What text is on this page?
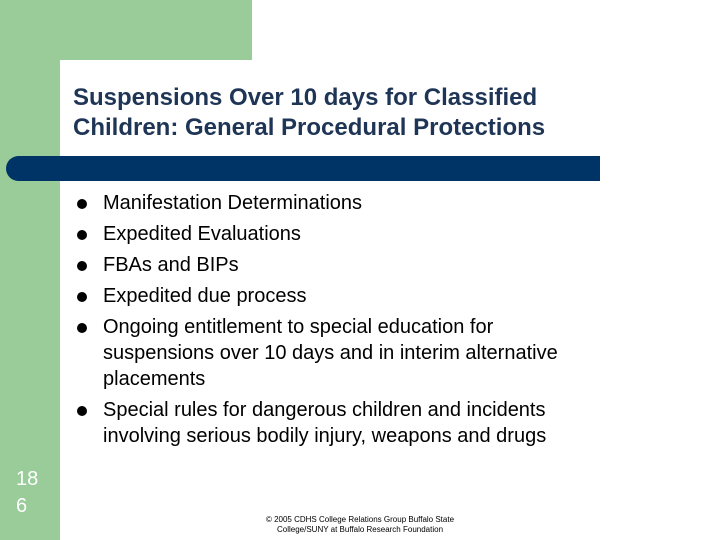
Suspensions Over 10 days for Classified
Children: General Procedural Protections
Manifestation Determinations
Expedited Evaluations
FBAs and BIPs
Expedited due process
Ongoing entitlement to special education for
suspensions over 10 days and in interim alternative
placements
Special rules for dangerous children and incidents
involving serious bodily injury, weapons and drugs
18
6
© 2005 CDHS College Relations Group Buffalo State
College/SUNY at Buffalo Research Foundation
